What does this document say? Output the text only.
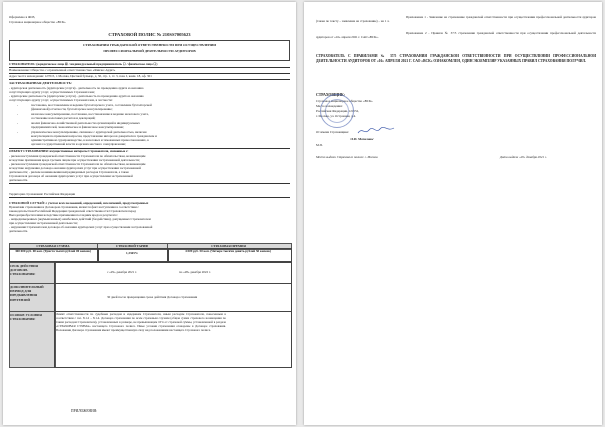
Оформлено в ФОЗ,
Страховое акционерное общество «ВСК»
СТРАХОВОЙ ПОЛИС № 210SS7005623
СТРАХОВАНИЯ ГРАЖДАНСКОЙ ОТВЕТСТВЕННОСТИ ПРИ ОСУЩЕСТВЛЕНИИ
ПРОФЕССИОНАЛЬНОЙ ДЕЯТЕЛЬНОСТИ АУДИТОРОВ
СТРАХОВАТЕЛЬ: (юридическое лицо ☒ / индивидуальный предприниматель ☐ / физическое лицо ☐)
Наименование: Общество с ограниченной ответственностью «Финэкс-Аудит»
Адрес места нахождения: 127015, г. Москва, Цветной бульвар, д. 30, стр. 1, эт. 3, пом. I, комн. 18, оф. 301
ЗАСТРАХОВАННАЯ ДЕЯТЕЛЬНОСТЬ:
- аудиторская деятельность (аудиторские услуги) - деятельность по проведению аудита и оказанию
сопутствующих аудиту услуг, осуществляемых Страхователем;
- аудиторские деятельность (аудиторские услуги) - деятельность по проведению аудита и оказанию
сопутствующих аудиту услуг, осуществляемых Страхователем, в частности:
-	постановка, восстановление и ведение бухгалтерского учета, составление бухгалтерской
(финансовой) отчетности, бухгалтерское консультирование;
-	налоговое консультирование, постановка, восстановление и ведение налогового учета,
составление налоговых расчетов и деклараций;
-	анализ финансово-хозяйственной деятельности организаций и индивидуальных
предпринимателей, экономическое и финансовое консультирование;
-	управленческое консультирование, связанное с аудиторской деятельностью, включая
консультации по правовым вопросам, представление интересов доверителя в гражданском и
административном судопроизводстве, в налоговых и таможенных правоотношениях, в
органах государственной власти и органах местного самоуправления;
ОБЪЕКТ СТРАХОВАНИЯ: имущественные интересы Страхователя, связанные с:
- риском наступления гражданской ответственности Страхователя по обязательствам, возникающим
вследствие причинения вреда третьим лицам при осуществлении застрахованной деятельности;
- риском наступления гражданской ответственности Страхователя по обязательствам, возникающим
вследствие нарушения договора оказания аудиторских услуг при осуществлении застрахованной
деятельности; - риском возникновения непредвиденных расходов Страхователя, а также
Страхователя договора об оказании аудиторских услуг при осуществлении застрахованной
деятельности.
Территория страхования: Российская Федерация
СТРАХОВОЙ СЛУЧАЙ: с учетом всех положений, определений, исключений, предусмотренных
Правилами страхования и Договором страхования, является факт наступления в соответствии с
законодательством Российской Федерации гражданской ответственности Страхователя перед
Выгодоприобретателями вследствие причинения последним вреда в результате:
- непреднамеренных (неумышленных) ошибочных действий (бездействия), допущенных Страхователем
при осуществлении застрахованной деятельности;
- нарушения Страхователем договора об оказании аудиторских услуг при осуществлении застрахованной
деятельности.
СТРАХОВАЯ СУММА	СТРАХОВОЙ ТАРИФ	СТРАХОВАЯ ПРЕМИЯ
300 000 руб. 00 коп. (Триста тысяч рублей 00 копеек)	1,3365%	4 009 руб. 50 коп. (Четыре тысячи девять рублей 50 копеек)
СРОК ДЕЙСТВИЯ ДОГОВОРА СТРАХОВАНИЯ:
с «29» декабря 2021 г.	по «28» декабря 2022 г.
ДОПОЛНИТЕЛЬНЫЙ ПЕРИОД ДЛЯ ПРЕДЪЯВЛЕНИЯ ПРЕТЕНЗИЙ
30 дней после прекращения срока действия Договора страхования
ОСОБЫЕ УСЛОВИЯ СТРАХОВАНИЯ:
Лимит ответственности по судебным расходам и издержкам Страхователя, иным расходам Страхователя, понесенным в соответствии с п.п. 8.1.2 – 8.1.4. Договора страхования по всем страховым случаям (общая сумма страхового возмещения по таким расходам Страхователя), установленных в размере, не превышающем 10% от страховой суммы, установленной в разделе «СТРАХОВАЯ СУММА» настоящего Страхового полиса. Иные условия страхования оговорены в Договоре страхования. Положения Договора страхования имеют преимущественную силу над положениями настоящего Страхового полиса.
ПРИЛОЖЕНИЯ:
Приложение 1 - Заявление на страхование гражданской ответственности при осуществлении профессиональной деятельности аудиторов (также по тексту – заявление на страхование) – на 1 л.
Приложение 2 - Правила № 37/5 страхования гражданской ответственности при осуществлении профессиональной деятельности аудиторов от «16» апреля 2021 г. САО «ВСК».
СТРАХОВАТЕЛЬ С ПРАВИЛАМИ № 37/5 СТРАХОВАНИЯ ГРАЖДАНСКОЙ ОТВЕТСТВЕННОСТИ ПРИ ОСУЩЕСТВЛЕНИИ ПРОФЕССИОНАЛЬНОЙ ДЕЯТЕЛЬНОСТИ АУДИТОРОВ ОТ «16» АПРЕЛЯ 2021 Г. САО «ВСК» ОЗНАКОМЛЕН, ОДИН ЭКЗЕМПЛЯР УКАЗАННЫХ ПРАВИЛ СТРАХОВАНИЯ ПОЛУЧИЛ.
СТРАХОВЩИК:
Страховое акционерное общество «ВСК»
Место нахождения:
Российская Федерация, 121552,
г. Москва, ул. Островная, д.4.
От имени Страховщика:
/Л.И. Мочалова/
М.П.
Место выдачи Страхового полиса: г. Москва	Дата выдачи «29» декабря 2021 г.
